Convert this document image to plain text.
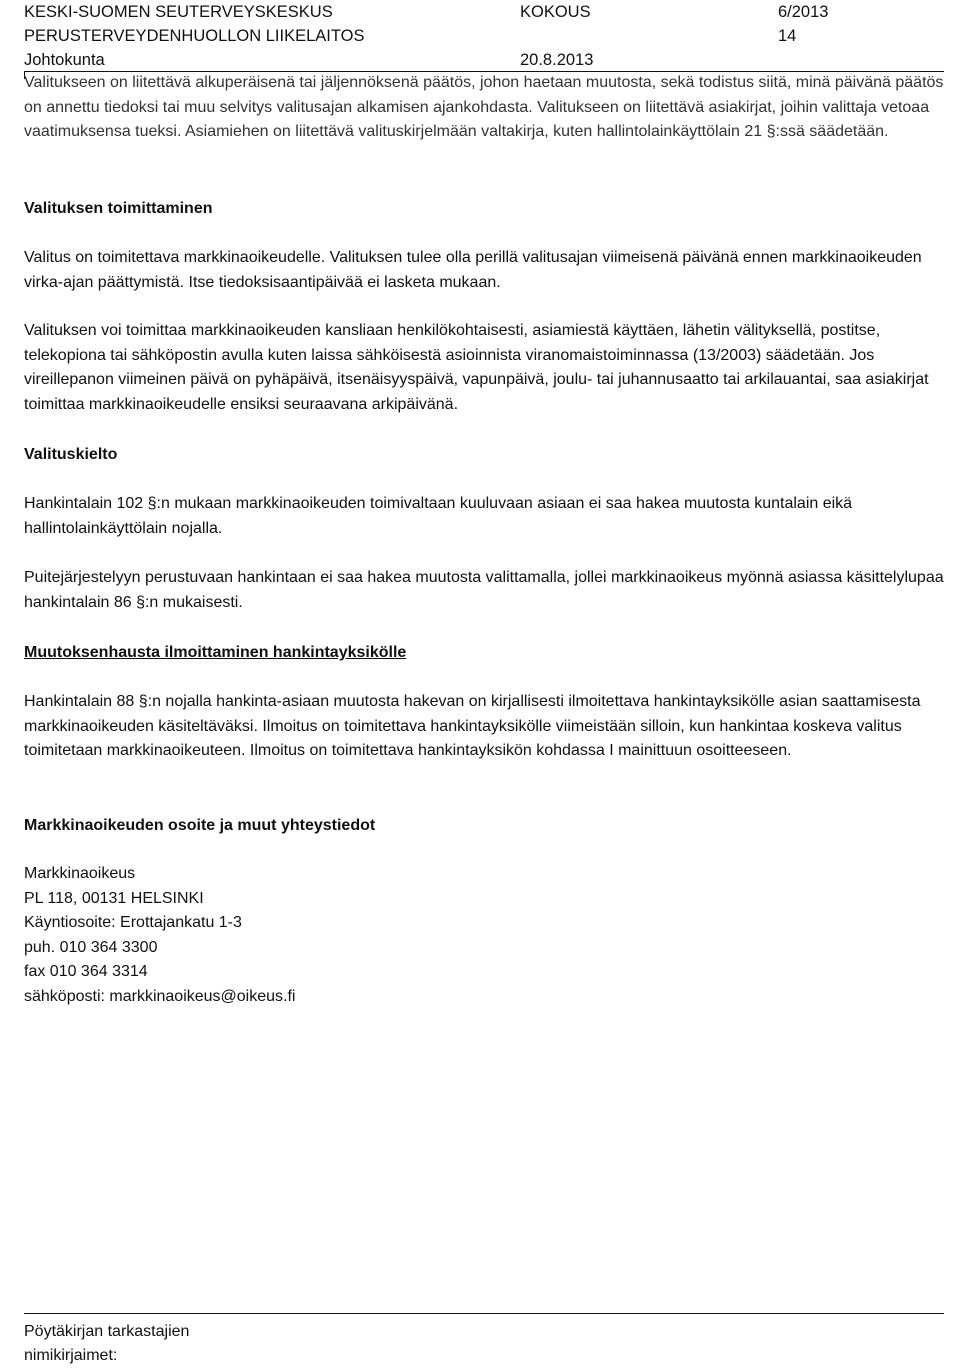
KESKI-SUOMEN SEUTERVEYSKESKUS
PERUSTERVEYDENHUOLLON LIIKELAITOS
Johtokunta
KOKOUS	6/2013
14
20.8.2013

Valitukseen on liitettävä alkuperäisenä tai jäljennöksenä päätös, johon haetaan muutosta, sekä todistus siitä, minä päivänä päätös on annettu tiedoksi tai muu selvitys valitusajan alkamisen ajankohdasta. Valitukseen on liitettävä asiakirjat, joihin valittaja vetoaa vaatimuksensa tueksi. Asiamiehen on liitettävä valituskirjelmään valtakirja, kuten hallintolainkäyttölain 21 §:ssä säädetään.

Valituksen toimittaminen

Valitus on toimitettava markkinaoikeudelle. Valituksen tulee olla perillä valitusajan viimeisenä päivänä ennen markkinaoikeuden virka-ajan päättymistä. Itse tiedoksisaantipäivää ei lasketa mukaan.

Valituksen voi toimittaa markkinaoikeuden kansliaan henkilökohtaisesti, asiamiestä käyttäen, lähetin välityksellä, postitse, telekopiona tai sähköpostin avulla kuten laissa sähköisestä asioinnista viranomaistoiminnassa (13/2003) säädetään. Jos vireillepanon viimeinen päivä on pyhäpäivä, itsenäisyyspäivä, vapunpäivä, joulu- tai juhannusaatto tai arkilauantai, saa asiakirjat toimittaa markkinaoikeudelle ensiksi seuraavana arkipäivänä.

Valituskielto

Hankintalain 102 §:n mukaan markkinaoikeuden toimivaltaan kuuluvaan asiaan ei saa hakea muutosta kuntalain eikä hallintolainkäyttölain nojalla.

Puitejärjestelyyn perustuvaan hankintaan ei saa hakea muutosta valittamalla, jollei markkinaoikeus myönnä asiassa käsittelylupaa hankintalain 86 §:n mukaisesti.

Muutoksenhausta ilmoittaminen hankintayksikölle

Hankintalain 88 §:n nojalla hankinta-asiaan muutosta hakevan on kirjallisesti ilmoitettava hankintayksikölle asian saattamisesta markkinaoikeuden käsiteltäväksi. Ilmoitus on toimitettava hankintayksikölle viimeistään silloin, kun hankintaa koskeva valitus toimitetaan markkinaoikeuteen. Ilmoitus on toimitettava hankintayksikön kohdassa I mainittuun osoitteeseen.

Markkinaoikeuden osoite ja muut yhteystiedot
Markkinaoikeus
PL 118, 00131 HELSINKI
Käyntiosoite: Erottajankatu 1-3
puh. 010 364 3300
fax 010 364 3314
sähköposti: markkinaoikeus@oikeus.fi
Pöytäkirjan tarkastajien
nimikirjaimet:
